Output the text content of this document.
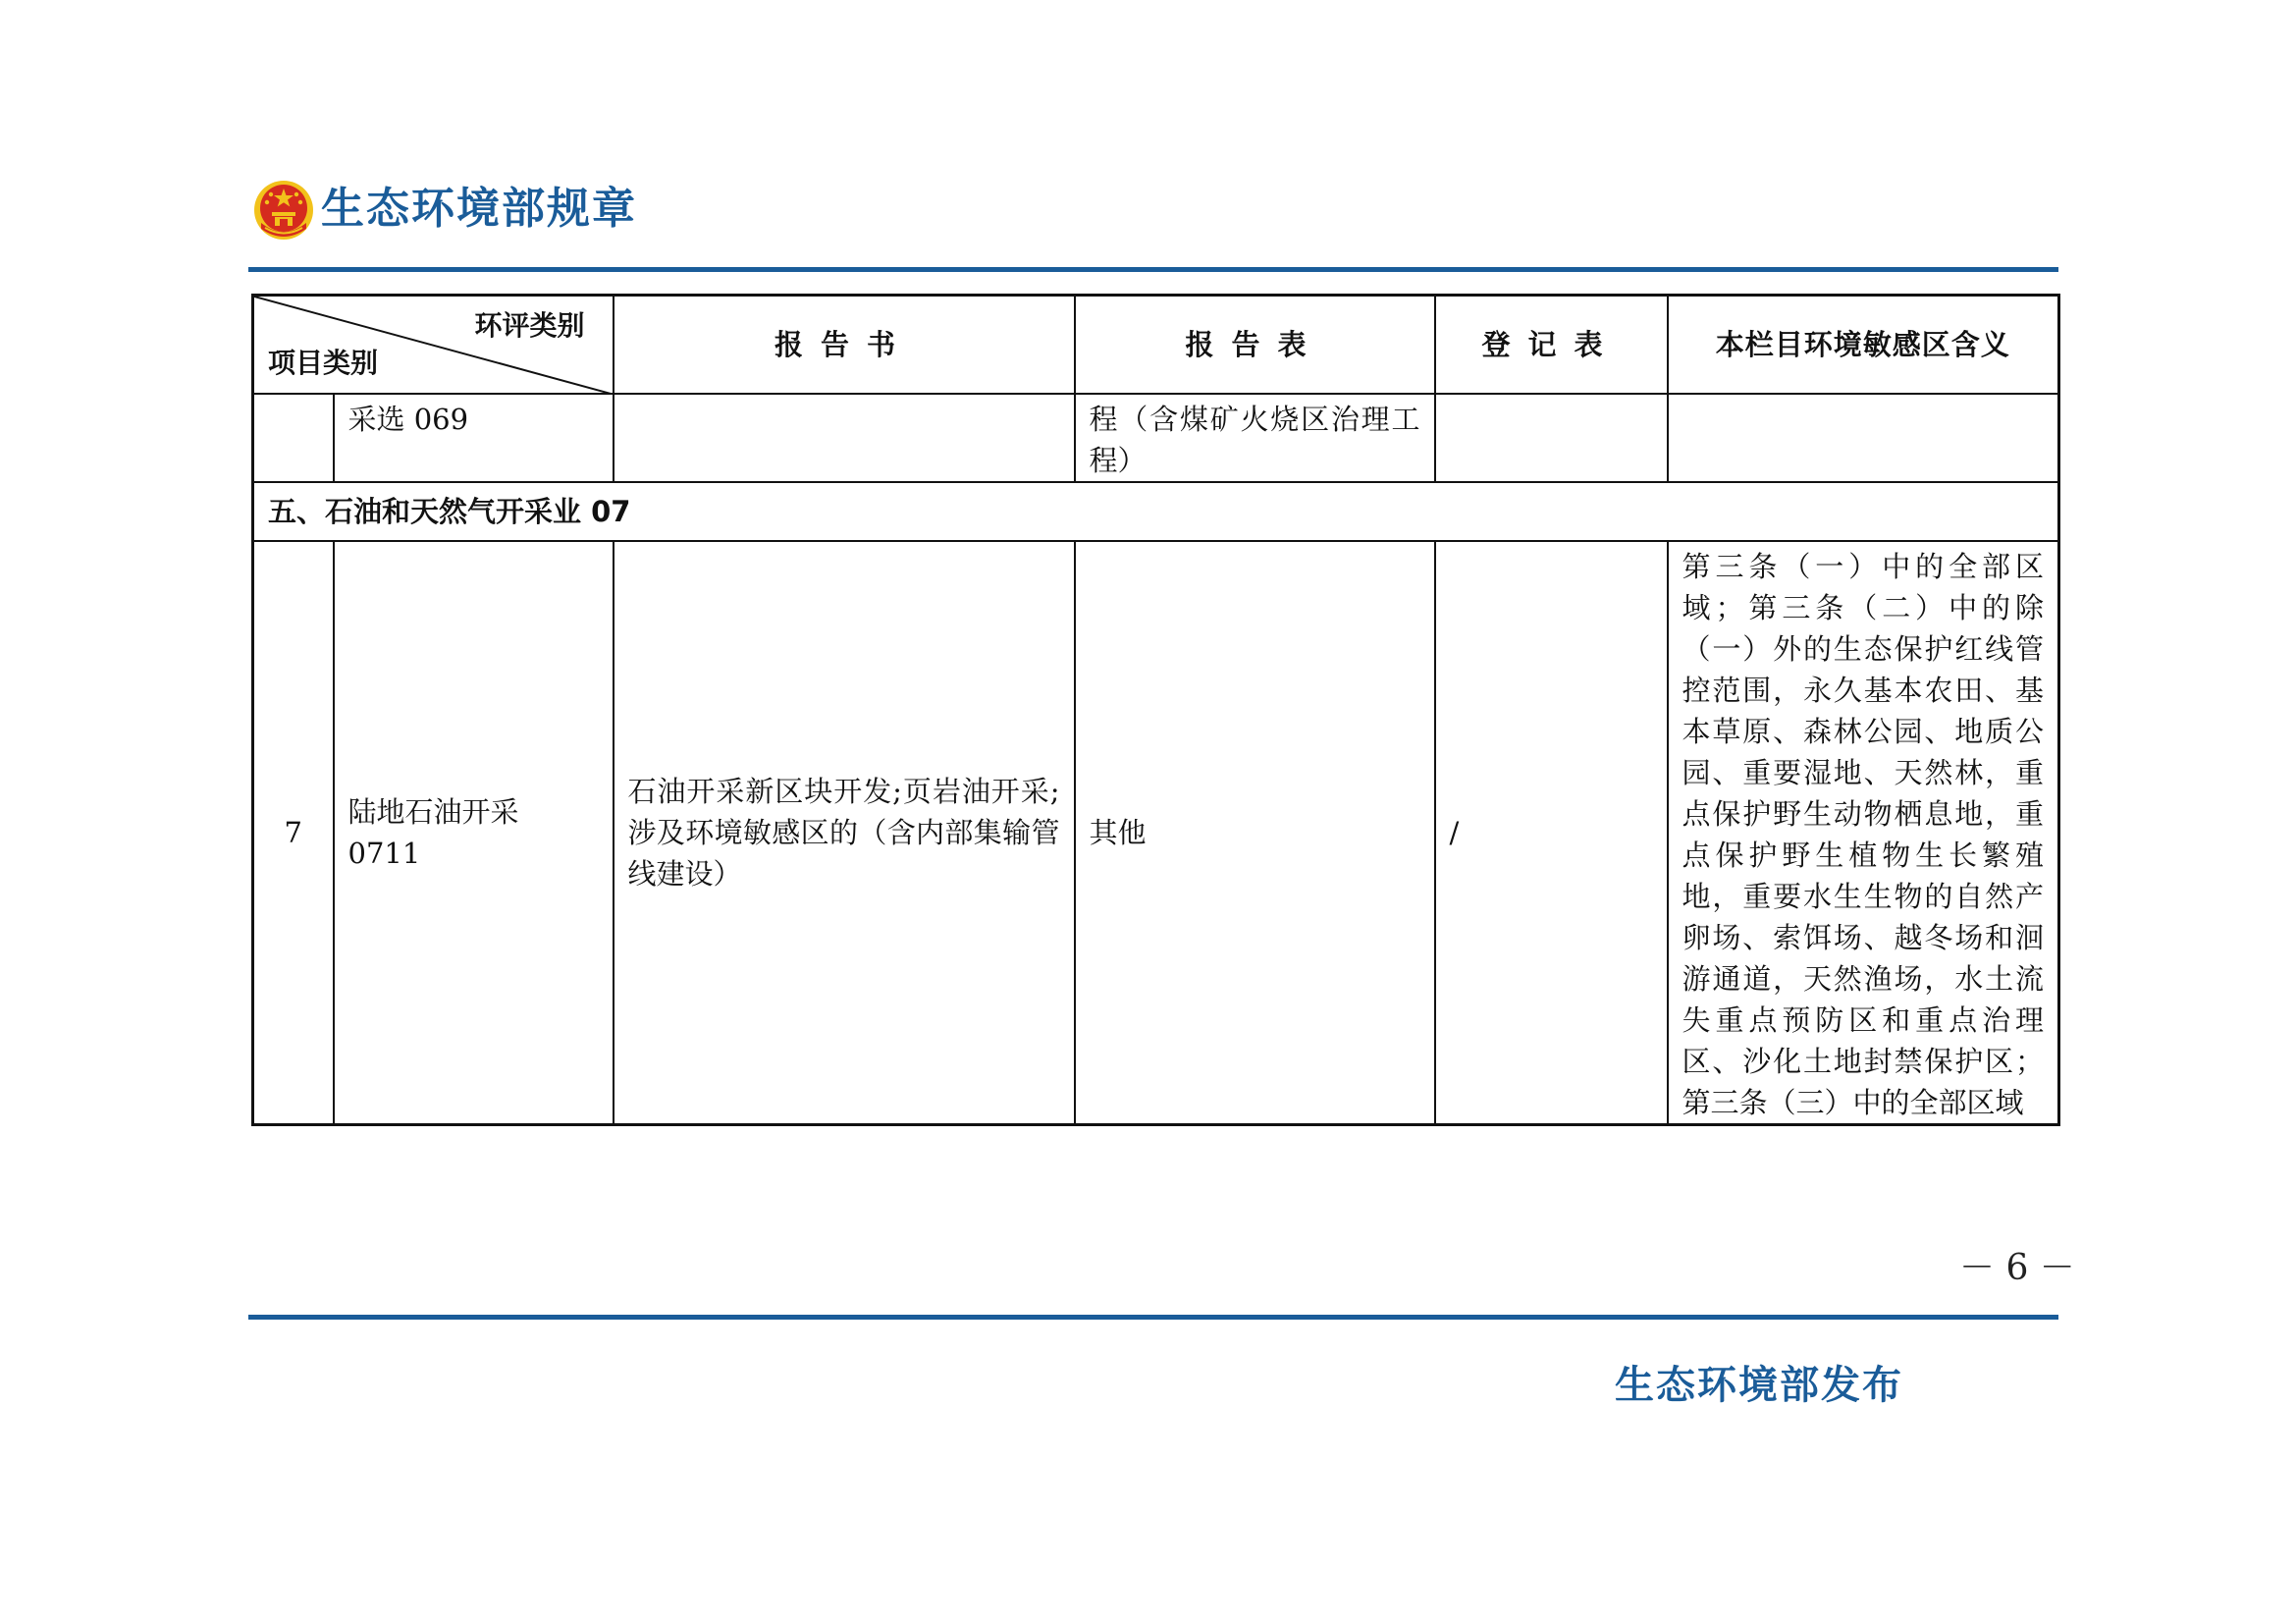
生态环境部规章
环评类别
项目类别		报告书	报告表	登记表	本栏目环境敏感区含义
	采选 069		程（含煤矿火烧区治理工程）		
五、石油和天然气开采业 07					
7	陆地石油开采 0711	石油开采新区块开发;页岩油开采;涉及环境敏感区的（含内部集输管线建设）	其他	/	第三条（一）中的全部区域；第三条（二）中的除（一）外的生态保护红线管控范围，永久基本农田、基本草原、森林公园、地质公园、重要湿地、天然林，重点保护野生动物栖息地，重点保护野生植物生长繁殖地，重要水生生物的自然产卵场、索饵场、越冬场和洄游通道，天然渔场，水土流失重点预防区和重点治理区、沙化土地封禁保护区；第三条（三）中的全部区域
－ 6 －
生态环境部发布
